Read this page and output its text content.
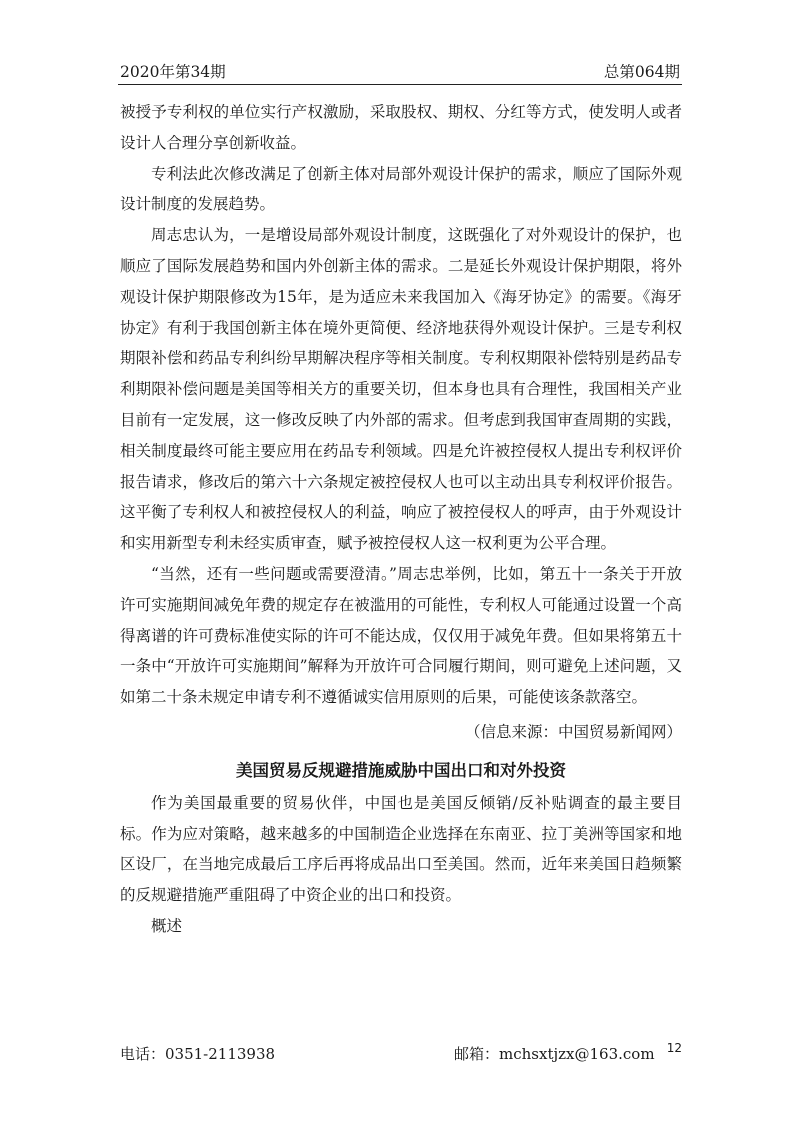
2020年第34期	总第064期

被授予专利权的单位实行产权激励，采取股权、期权、分红等方式，使发明人或者设计人合理分享创新收益。

专利法此次修改满足了创新主体对局部外观设计保护的需求，顺应了国际外观设计制度的发展趋势。

周志忠认为，一是增设局部外观设计制度，这既强化了对外观设计的保护，也顺应了国际发展趋势和国内外创新主体的需求。二是延长外观设计保护期限，将外观设计保护期限修改为15年，是为适应未来我国加入《海牙协定》的需要。《海牙协定》有利于我国创新主体在境外更简便、经济地获得外观设计保护。三是专利权期限补偿和药品专利纠纷早期解决程序等相关制度。专利权期限补偿特别是药品专利期限补偿问题是美国等相关方的重要关切，但本身也具有合理性，我国相关产业目前有一定发展，这一修改反映了内外部的需求。但考虑到我国审查周期的实践，相关制度最终可能主要应用在药品专利领域。四是允许被控侵权人提出专利权评价报告请求，修改后的第六十六条规定被控侵权人也可以主动出具专利权评价报告。这平衡了专利权人和被控侵权人的利益，响应了被控侵权人的呼声，由于外观设计和实用新型专利未经实质审查，赋予被控侵权人这一权利更为公平合理。

“当然，还有一些问题或需要澄清。”周志忠举例，比如，第五十一条关于开放许可实施期间减免年费的规定存在被滥用的可能性，专利权人可能通过设置一个高得离谱的许可费标准使实际的许可不能达成，仅仅用于减免年费。但如果将第五十一条中“开放许可实施期间”解释为开放许可合同履行期间，则可避免上述问题，又如第二十条未规定申请专利不遵循诚实信用原则的后果，可能使该条款落空。

（信息来源：中国贸易新闻网）

美国贸易反规避措施威胁中国出口和对外投资

作为美国最重要的贸易伙伴，中国也是美国反倾销/反补贴调查的最主要目标。作为应对策略，越来越多的中国制造企业选择在东南亚、拉丁美洲等国家和地区设厂，在当地完成最后工序后再将成品出口至美国。然而，近年来美国日趋频繁的反规避措施严重阻碍了中资企业的出口和投资。

概述

电话：0351-2113938	邮箱：mchsxtjzx@163.com 12
